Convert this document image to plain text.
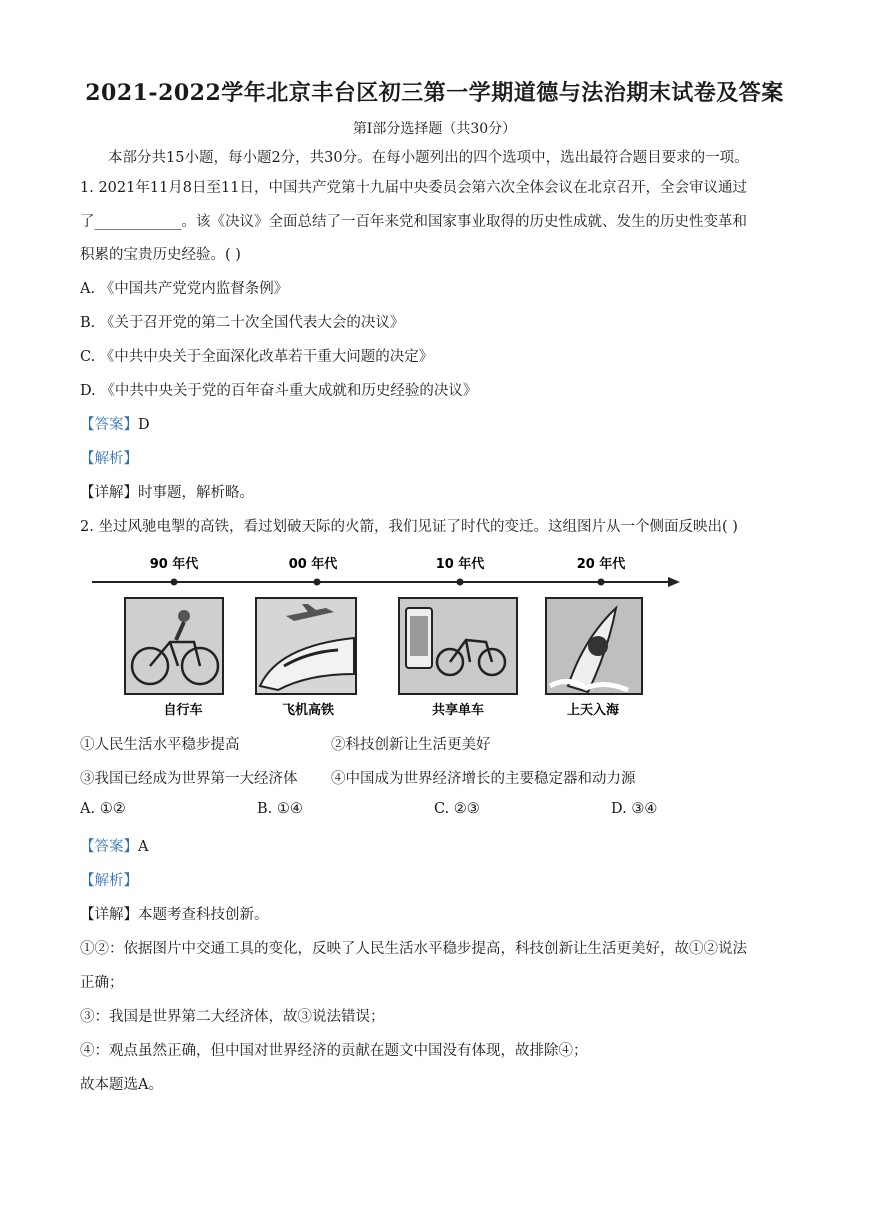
2021-2022学年北京丰台区初三第一学期道德与法治期末试卷及答案
第Ⅰ部分选择题（共30分）
本部分共15小题，每小题2分，共30分。在每小题列出的四个选项中，选出最符合题目要求的一项。
1. 2021年11月8日至11日，中国共产党第十九届中央委员会第六次全体会议在北京召开，全会审议通过
了____________。该《决议》全面总结了一百年来党和国家事业取得的历史性成就、发生的历史性变革和
积累的宝贵历史经验。( )
A. 《中国共产党党内监督条例》
B. 《关于召开党的第二十次全国代表大会的决议》
C. 《中共中央关于全面深化改革若干重大问题的决定》
D. 《中共中央关于党的百年奋斗重大成就和历史经验的决议》
【答案】D
【解析】
【详解】时事题，解析略。
2. 坐过风驰电掣的高铁，看过划破天际的火箭，我们见证了时代的变迁。这组图片从一个侧面反映出( )
90 年代	00 年代	10 年代	20 年代
自行车	飞机高铁	共享单车	上天入海
①人民生活水平稳步提高	②科技创新让生活更美好
③我国已经成为世界第一大经济体 ④中国成为世界经济增长的主要稳定器和动力源
A. ①②	B. ①④	C. ②③	D. ③④
【答案】A
【解析】
【详解】本题考查科技创新。
①②：依据图片中交通工具的变化，反映了人民生活水平稳步提高，科技创新让生活更美好，故①②说法
正确；
③：我国是世界第二大经济体，故③说法错误；
④：观点虽然正确，但中国对世界经济的贡献在题文中国没有体现，故排除④；
故本题选A。
